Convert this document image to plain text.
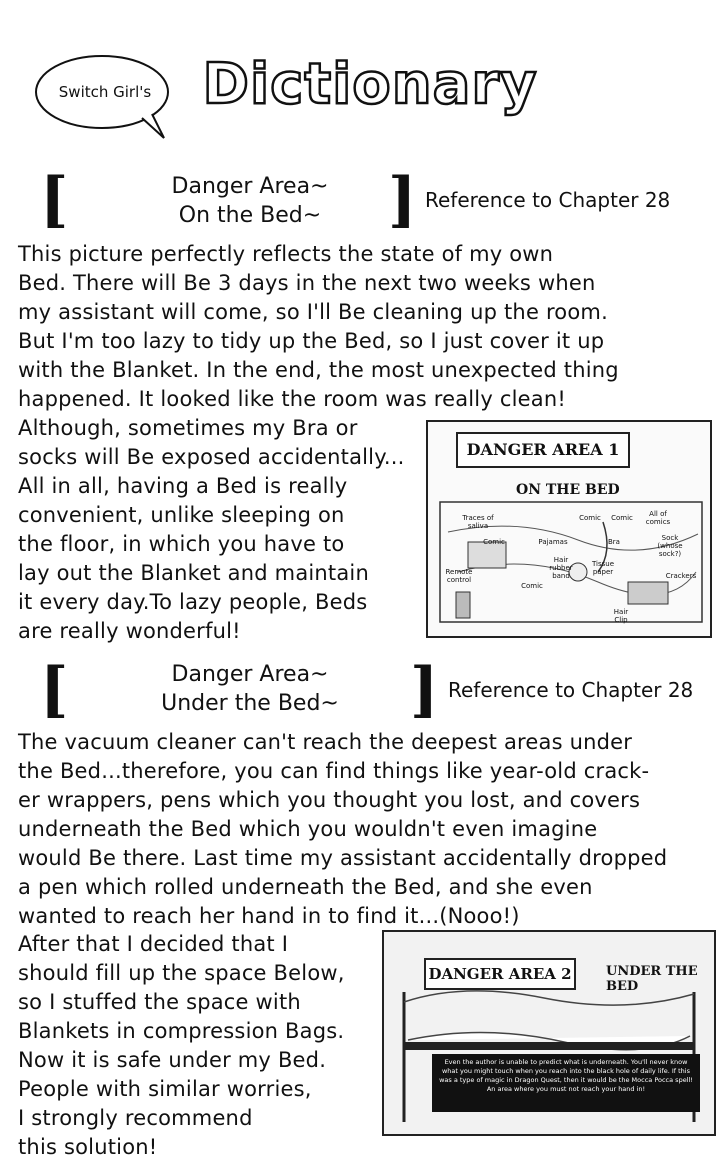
Switch Girl's Dictionary
[	Danger Area~
On the Bed~	] Reference to Chapter 28

This picture perfectly reflects the state of my own

Bed. There will Be 3 days in the next two weeks when

my assistant will come, so I'll Be cleaning up the room.

But I'm too lazy to tidy up the Bed, so I just cover it up

with the Blanket. In the end, the most unexpected thing

happened. It looked like the room was really clean!

Although, sometimes my Bra or

socks will Be exposed accidentally...

All in all, having a Bed is really

convenient, unlike sleeping on

the floor, in which you have to

lay out the Blanket and maintain

it every day.To lazy people, Beds

are really wonderful!

DANGER AREA 1
ON THE BED
Traces of saliva
Comic
Comic	Comic	All of comics
Comic
Pajamas	Bra	Sock (whose sock?)
Hair rubber band
Tissue paper
Remote control	Crackers
Hair Clip
[	Danger Area~
Under the Bed~	] Reference to Chapter 28

The vacuum cleaner can't reach the deepest areas under

the Bed...therefore, you can find things like year-old crack-

er wrappers, pens which you thought you lost, and covers

underneath the Bed which you wouldn't even imagine

would Be there. Last time my assistant accidentally dropped

a pen which rolled underneath the Bed, and she even

wanted to reach her hand in to find it...(Nooo!)

After that I decided that I

should fill up the space Below,

so I stuffed the space with

Blankets in compression Bags.

Now it is safe under my Bed.

People with similar worries,

I strongly recommend

this solution!

DANGER AREA 2	UNDER THE BED
Even the author is unable to predict what is underneath. You'll never know what you might touch when you reach into the black hole of daily life. If this was a type of magic in Dragon Quest, then it would be the Mocca Pocca spell! An area where you must not reach your hand in!
